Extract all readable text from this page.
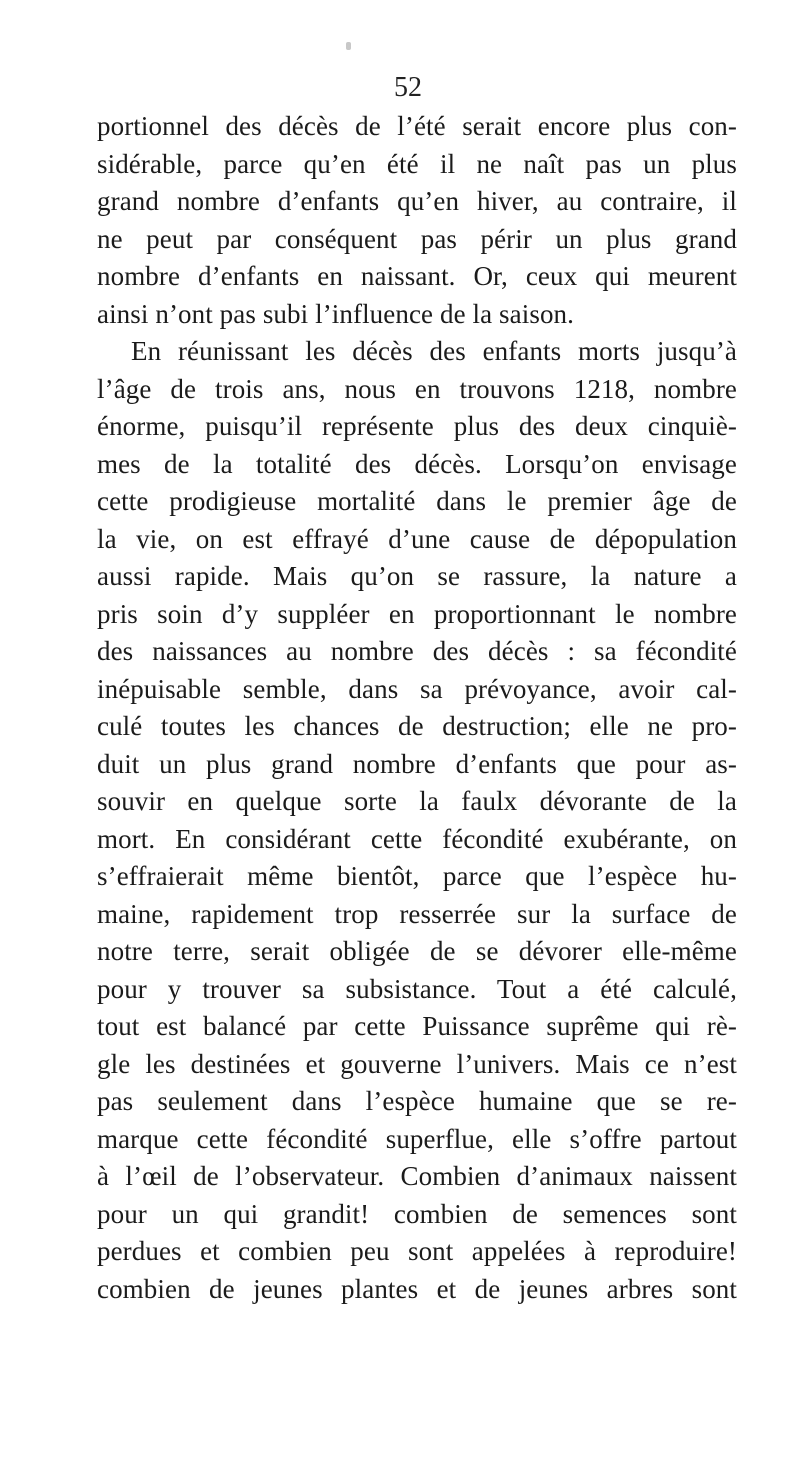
52
portionnel des décès de l’été serait encore plus con-
sidérable, parce qu’en été il ne naît pas un plus
grand nombre d’enfants qu’en hiver, au contraire, il
ne peut par conséquent pas périr un plus grand
nombre d’enfants en naissant. Or, ceux qui meurent
ainsi n’ont pas subi l’influence de la saison.
En réunissant les décès des enfants morts jusqu’à
l’âge de trois ans, nous en trouvons 1218, nombre
énorme, puisqu’il représente plus des deux cinquiè-
mes de la totalité des décès. Lorsqu’on envisage
cette prodigieuse mortalité dans le premier âge de
la vie, on est effrayé d’une cause de dépopulation
aussi rapide. Mais qu’on se rassure, la nature a
pris soin d’y suppléer en proportionnant le nombre
des naissances au nombre des décès : sa fécondité
inépuisable semble, dans sa prévoyance, avoir cal-
culé toutes les chances de destruction; elle ne pro-
duit un plus grand nombre d’enfants que pour as-
souvir en quelque sorte la faulx dévorante de la
mort. En considérant cette fécondité exubérante, on
s’effraierait même bientôt, parce que l’espèce hu-
maine, rapidement trop resserrée sur la surface de
notre terre, serait obligée de se dévorer elle-même
pour y trouver sa subsistance. Tout a été calculé,
tout est balancé par cette Puissance suprême qui rè-
gle les destinées et gouverne l’univers. Mais ce n’est
pas seulement dans l’espèce humaine que se re-
marque cette fécondité superflue, elle s’offre partout
à l’œil de l’observateur. Combien d’animaux naissent
pour un qui grandit! combien de semences sont
perdues et combien peu sont appelées à reproduire!
combien de jeunes plantes et de jeunes arbres sont
